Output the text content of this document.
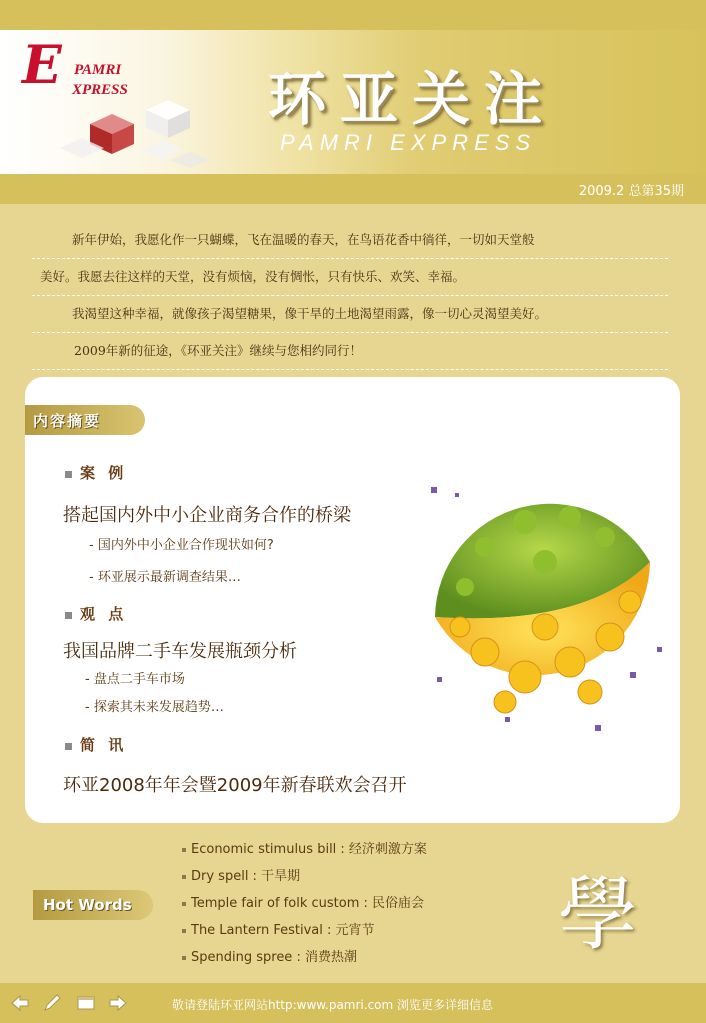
E PAMRI
XPRESS 环亚关注
PAMRI EXPRESS
2009.2 总第35期
新年伊始，我愿化作一只蝴蝶，飞在温暖的春天，在鸟语花香中徜徉，一切如天堂般
美好。我愿去往这样的天堂，没有烦恼，没有惆怅，只有快乐、欢笑、幸福。
我渴望这种幸福，就像孩子渴望糖果，像干旱的土地渴望雨露，像一切心灵渴望美好。
2009年新的征途，《环亚关注》继续与您相约同行！
内容摘要
案 例
搭起国内外中小企业商务合作的桥梁
- 国内外中小企业合作现状如何?
- 环亚展示最新调查结果…
观 点
我国品牌二手车发展瓶颈分析
- 盘点二手车市场
- 探索其未来发展趋势…
简 讯
环亚2008年年会暨2009年新春联欢会召开
Hot Words
Economic stimulus bill : 经济刺激方案
Dry spell : 干旱期
Temple fair of folk custom : 民俗庙会
The Lantern Festival : 元宵节
Spending spree : 消费热潮	學
敬请登陆环亚网站http:www.pamri.com 浏览更多详细信息
